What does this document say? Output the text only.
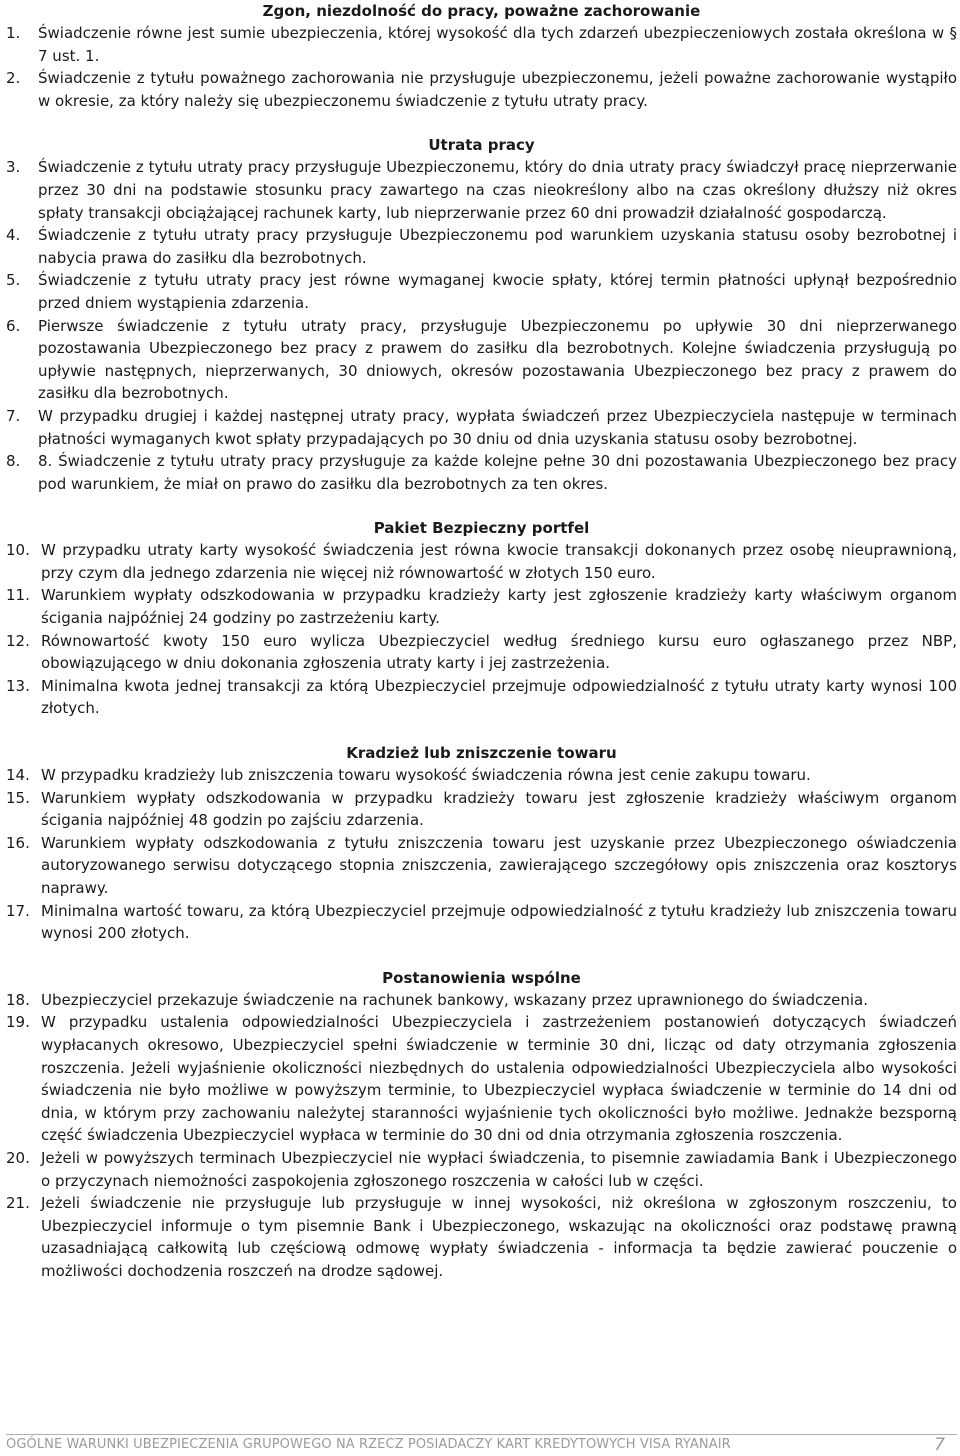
Zgon, niezdolność do pracy, poważne zachorowanie
1.	Świadczenie równe jest sumie ubezpieczenia, której wysokość dla tych zdarzeń ubezpieczeniowych została określona w § 7 ust. 1.
2.	Świadczenie z tytułu poważnego zachorowania nie przysługuje ubezpieczonemu, jeżeli poważne zachorowanie wystąpiło w okresie, za który należy się ubezpieczonemu świadczenie z tytułu utraty pracy.
Utrata pracy
3.	Świadczenie z tytułu utraty pracy przysługuje Ubezpieczonemu, który do dnia utraty pracy świadczył pracę nieprzerwanie przez 30 dni na podstawie stosunku pracy zawartego na czas nieokreślony albo na czas określony dłuższy niż okres spłaty transakcji obciążającej rachunek karty, lub nieprzerwanie przez 60 dni prowadził działalność gospodarczą.
4.	Świadczenie z tytułu utraty pracy przysługuje Ubezpieczonemu pod warunkiem uzyskania statusu osoby bezrobotnej i nabycia prawa do zasiłku dla bezrobotnych.
5.	Świadczenie z tytułu utraty pracy jest równe wymaganej kwocie spłaty, której termin płatności upłynął bezpośrednio przed dniem wystąpienia zdarzenia.
6.	Pierwsze świadczenie z tytułu utraty pracy, przysługuje Ubezpieczonemu po upływie 30 dni nieprzerwanego pozostawania Ubezpieczonego bez pracy z prawem do zasiłku dla bezrobotnych. Kolejne świadczenia przysługują po upływie następnych, nieprzerwanych, 30 dniowych, okresów pozostawania Ubezpieczonego bez pracy z prawem do zasiłku dla bezrobotnych.
7.	W przypadku drugiej i każdej następnej utraty pracy, wypłata świadczeń przez Ubezpieczyciela następuje w terminach płatności wymaganych kwot spłaty przypadających po 30 dniu od dnia uzyskania statusu osoby bezrobotnej.
8.	8. Świadczenie z tytułu utraty pracy przysługuje za każde kolejne pełne 30 dni pozostawania Ubezpieczonego bez pracy pod warunkiem, że miał on prawo do zasiłku dla bezrobotnych za ten okres.
Pakiet Bezpieczny portfel
10. W przypadku utraty karty wysokość świadczenia jest równa kwocie transakcji dokonanych przez osobę nieuprawnioną, przy czym dla jednego zdarzenia nie więcej niż równowartość w złotych 150 euro.
11. Warunkiem wypłaty odszkodowania w przypadku kradzieży karty jest zgłoszenie kradzieży karty właściwym organom ścigania najpóźniej 24 godziny po zastrzeżeniu karty.
12. Równowartość kwoty 150 euro wylicza Ubezpieczyciel według średniego kursu euro ogłaszanego przez NBP, obowiązującego w dniu dokonania zgłoszenia utraty karty i jej zastrzeżenia.
13. Minimalna kwota jednej transakcji za którą Ubezpieczyciel przejmuje odpowiedzialność z tytułu utraty karty wynosi 100 złotych.
Kradzież lub zniszczenie towaru
14. W przypadku kradzieży lub zniszczenia towaru wysokość świadczenia równa jest cenie zakupu towaru.
15. Warunkiem wypłaty odszkodowania w przypadku kradzieży towaru jest zgłoszenie kradzieży właściwym organom ścigania najpóźniej 48 godzin po zajściu zdarzenia.
16. Warunkiem wypłaty odszkodowania z tytułu zniszczenia towaru jest uzyskanie przez Ubezpieczonego oświadczenia autoryzowanego serwisu dotyczącego stopnia zniszczenia, zawierającego szczegółowy opis zniszczenia oraz kosztorys naprawy.
17. Minimalna wartość towaru, za którą Ubezpieczyciel przejmuje odpowiedzialność z tytułu kradzieży lub zniszczenia towaru wynosi 200 złotych.
Postanowienia wspólne
18. Ubezpieczyciel przekazuje świadczenie na rachunek bankowy, wskazany przez uprawnionego do świadczenia.
19. W przypadku ustalenia odpowiedzialności Ubezpieczyciela i zastrzeżeniem postanowień dotyczących świadczeń wypłacanych okresowo, Ubezpieczyciel spełni świadczenie w terminie 30 dni, licząc od daty otrzymania zgłoszenia roszczenia. Jeżeli wyjaśnienie okoliczności niezbędnych do ustalenia odpowiedzialności Ubezpieczyciela albo wysokości świadczenia nie było możliwe w powyższym terminie, to Ubezpieczyciel wypłaca świadczenie w terminie do 14 dni od dnia, w którym przy zachowaniu należytej staranności wyjaśnienie tych okoliczności było możliwe. Jednakże bezsporną część świadczenia Ubezpieczyciel wypłaca w terminie do 30 dni od dnia otrzymania zgłoszenia roszczenia.
20. Jeżeli w powyższych terminach Ubezpieczyciel nie wypłaci świadczenia, to pisemnie zawiadamia Bank i Ubezpieczonego o przyczynach niemożności zaspokojenia zgłoszonego roszczenia w całości lub w części.
21. Jeżeli świadczenie nie przysługuje lub przysługuje w innej wysokości, niż określona w zgłoszonym roszczeniu, to Ubezpieczyciel informuje o tym pisemnie Bank i Ubezpieczonego, wskazując na okoliczności oraz podstawę prawną uzasadniającą całkowitą lub częściową odmowę wypłaty świadczenia - informacja ta będzie zawierać pouczenie o możliwości dochodzenia roszczeń na drodze sądowej.
OGÓLNE WARUNKI UBEZPIECZENIA GRUPOWEGO NA RZECZ POSIADACZY KART KREDYTOWYCH VISA RYANAIR	7
